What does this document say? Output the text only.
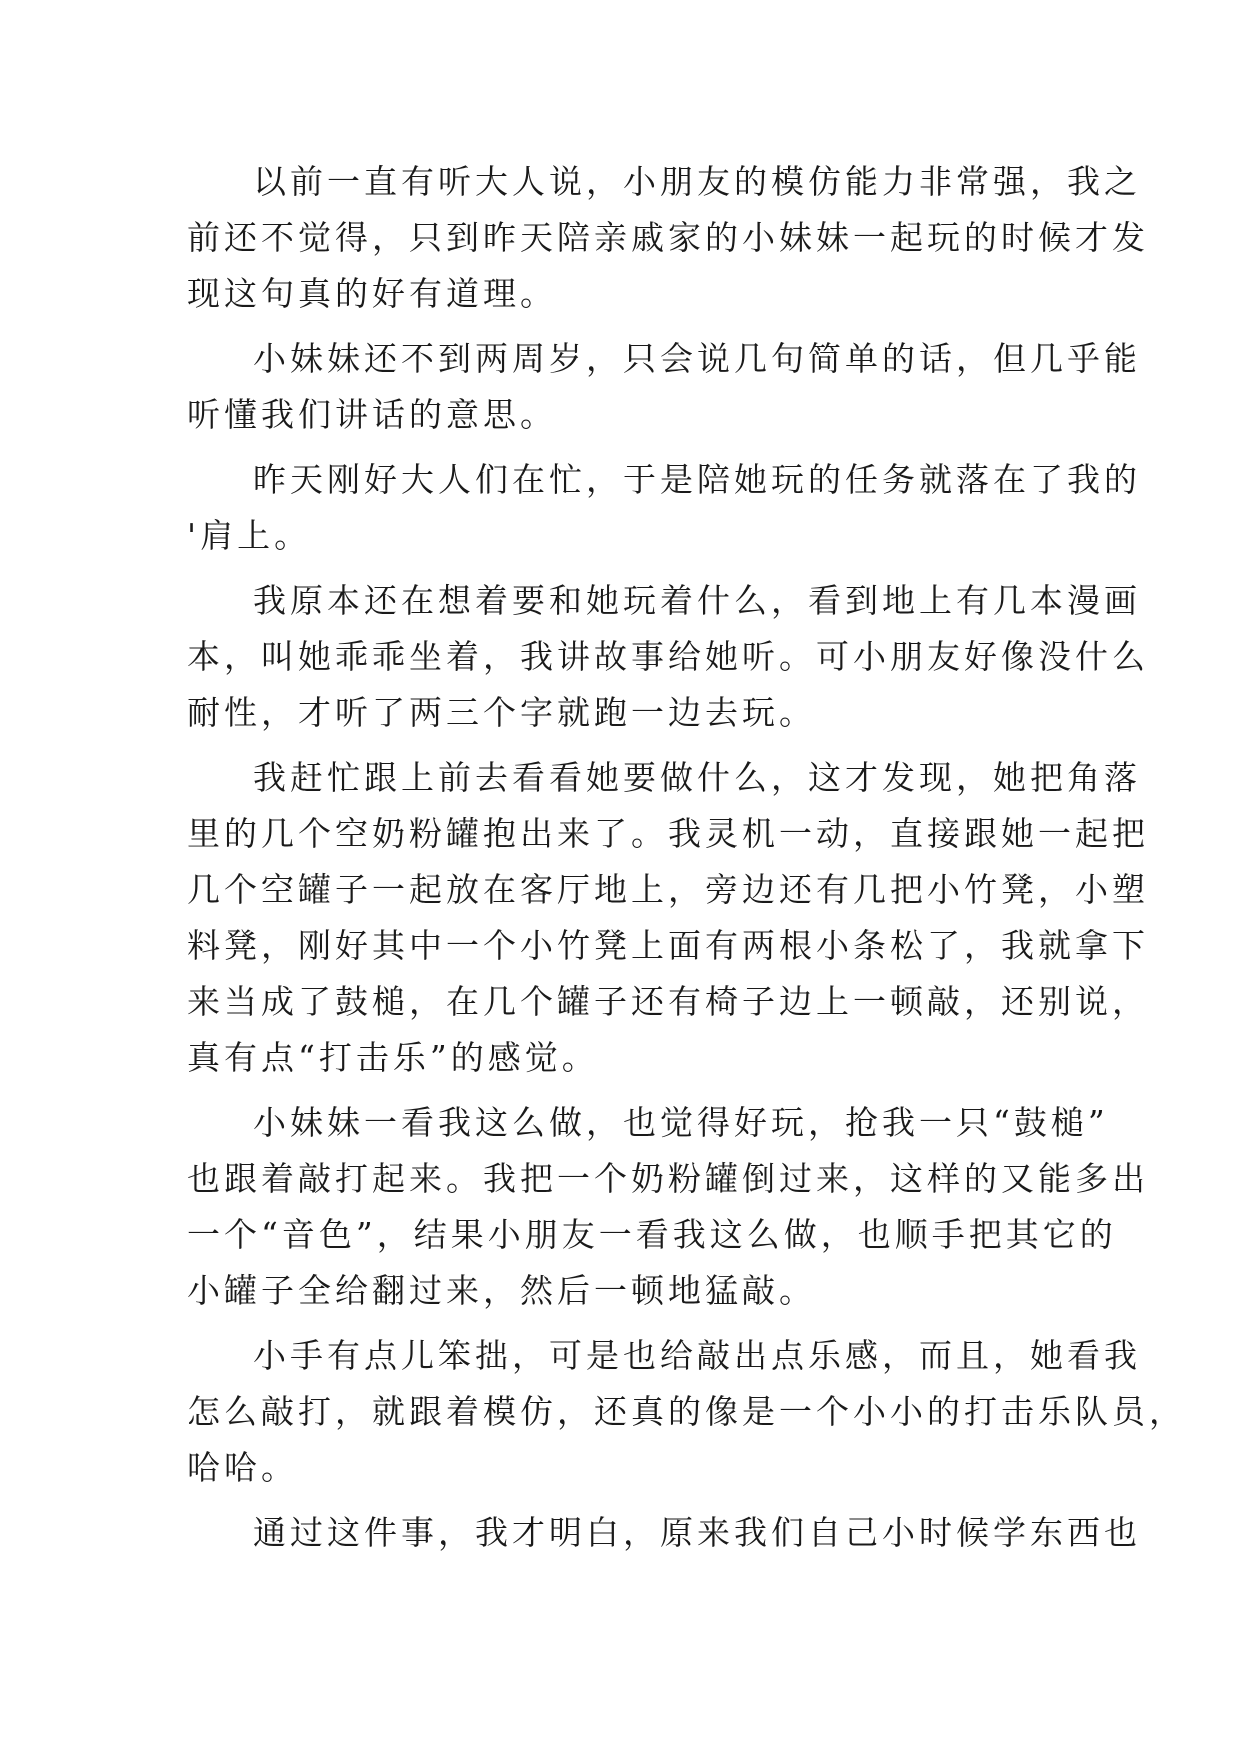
以前一直有听大人说，小朋友的模仿能力非常强，我之
前还不觉得，只到昨天陪亲戚家的小妹妹一起玩的时候才发
现这句真的好有道理。

小妹妹还不到两周岁，只会说几句简单的话，但几乎能
听懂我们讲话的意思。

昨天刚好大人们在忙，于是陪她玩的任务就落在了我的
'肩上。

我原本还在想着要和她玩着什么，看到地上有几本漫画
本，叫她乖乖坐着，我讲故事给她听。可小朋友好像没什么
耐性，才听了两三个字就跑一边去玩。

我赶忙跟上前去看看她要做什么，这才发现，她把角落
里的几个空奶粉罐抱出来了。我灵机一动，直接跟她一起把
几个空罐子一起放在客厅地上，旁边还有几把小竹凳，小塑
料凳，刚好其中一个小竹凳上面有两根小条松了，我就拿下
来当成了鼓槌，在几个罐子还有椅子边上一顿敲，还别说，
真有点“打击乐”的感觉。

小妹妹一看我这么做，也觉得好玩，抢我一只“鼓槌”
也跟着敲打起来。我把一个奶粉罐倒过来，这样的又能多出
一个“音色”，结果小朋友一看我这么做，也顺手把其它的
小罐子全给翻过来，然后一顿地猛敲。

小手有点儿笨拙，可是也给敲出点乐感，而且，她看我
怎么敲打，就跟着模仿，还真的像是一个小小的打击乐队员，
哈哈。

通过这件事，我才明白，原来我们自己小时候学东西也
